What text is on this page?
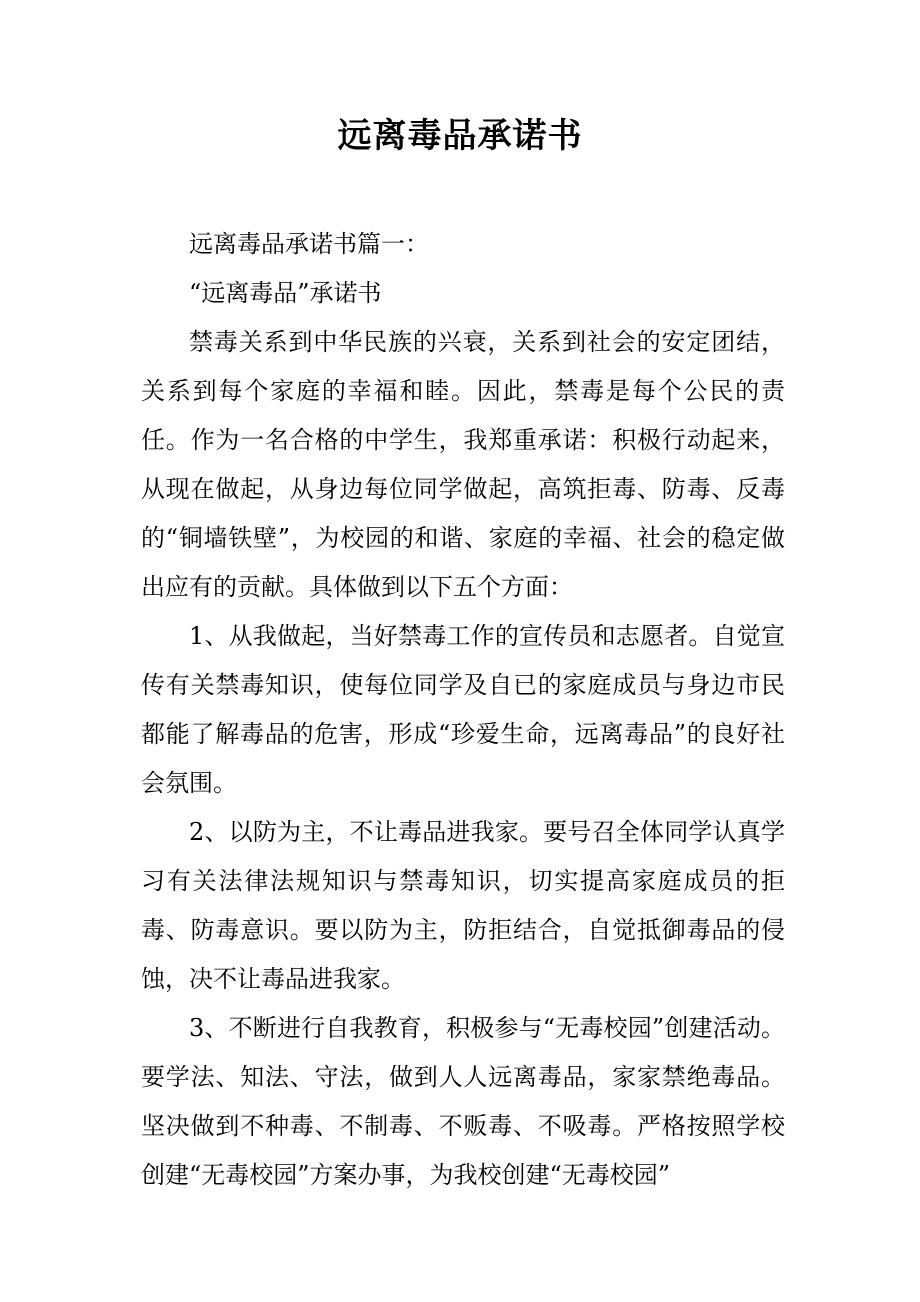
远离毒品承诺书

远离毒品承诺书篇一：

“远离毒品”承诺书

禁毒关系到中华民族的兴衰，关系到社会的安定团结，关系到每个家庭的幸福和睦。因此，禁毒是每个公民的责任。作为一名合格的中学生，我郑重承诺：积极行动起来，从现在做起，从身边每位同学做起，高筑拒毒、防毒、反毒的“铜墙铁壁”，为校园的和谐、家庭的幸福、社会的稳定做出应有的贡献。具体做到以下五个方面：

1、从我做起，当好禁毒工作的宣传员和志愿者。自觉宣传有关禁毒知识，使每位同学及自已的家庭成员与身边市民都能了解毒品的危害，形成“珍爱生命，远离毒品”的良好社会氛围。

2、以防为主，不让毒品进我家。要号召全体同学认真学习有关法律法规知识与禁毒知识，切实提高家庭成员的拒毒、防毒意识。要以防为主，防拒结合，自觉抵御毒品的侵蚀，决不让毒品进我家。

3、不断进行自我教育，积极参与“无毒校园”创建活动。要学法、知法、守法，做到人人远离毒品，家家禁绝毒品。坚决做到不种毒、不制毒、不贩毒、不吸毒。严格按照学校创建“无毒校园”方案办事，为我校创建“无毒校园”
